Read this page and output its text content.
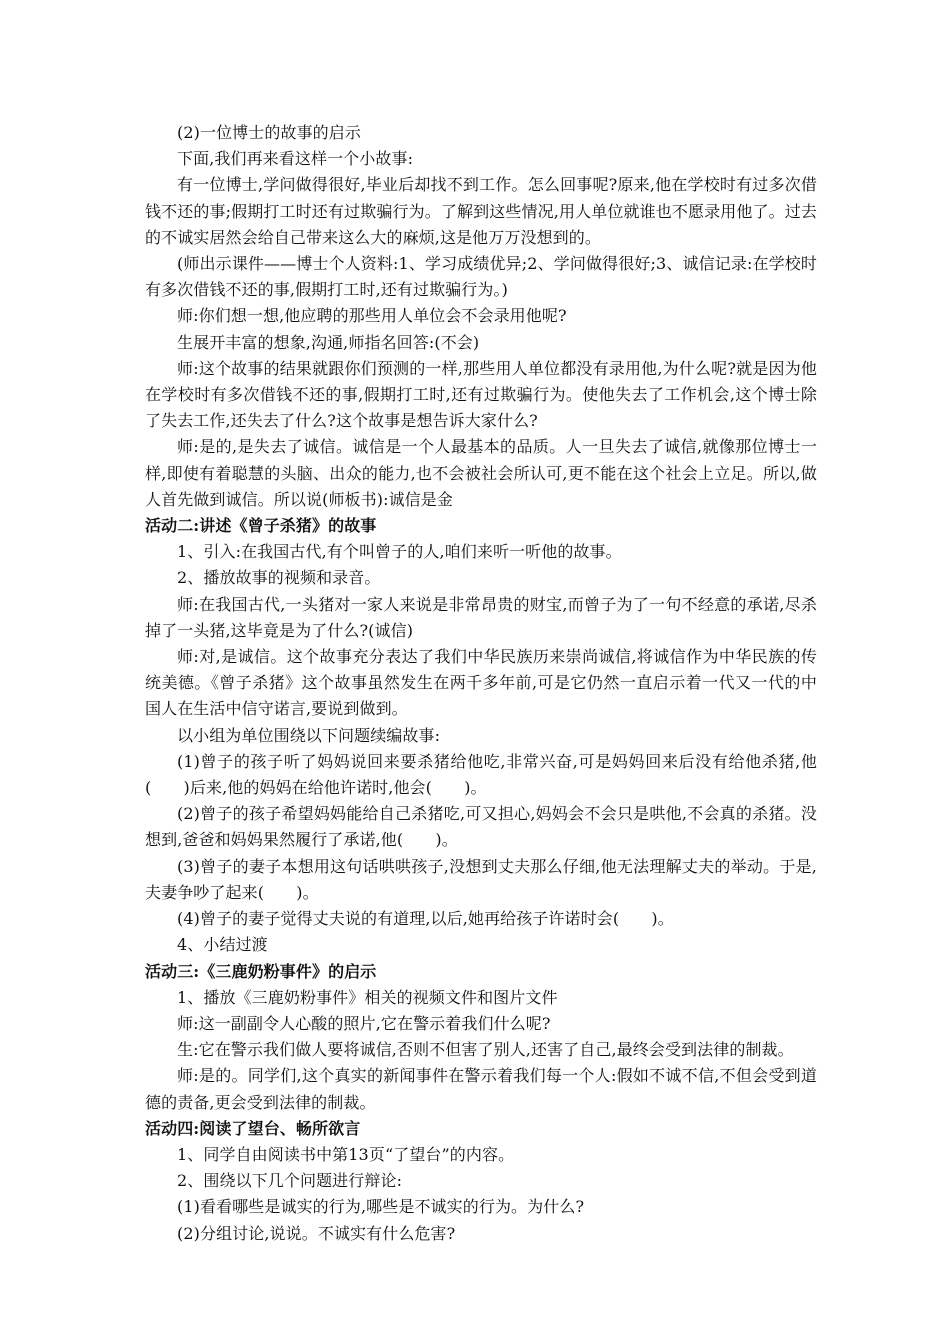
(2)一位博士的故事的启示

下面,我们再来看这样一个小故事:

有一位博士,学问做得很好,毕业后却找不到工作。怎么回事呢?原来,他在学校时有过多次借钱不还的事;假期打工时还有过欺骗行为。了解到这些情况,用人单位就谁也不愿录用他了。过去的不诚实居然会给自己带来这么大的麻烦,这是他万万没想到的。

(师出示课件——博士个人资料:1、学习成绩优异;2、学问做得很好;3、诚信记录:在学校时有多次借钱不还的事,假期打工时,还有过欺骗行为。)

师:你们想一想,他应聘的那些用人单位会不会录用他呢?

生展开丰富的想象,沟通,师指名回答:(不会)

师:这个故事的结果就跟你们预测的一样,那些用人单位都没有录用他,为什么呢?就是因为他在学校时有多次借钱不还的事,假期打工时,还有过欺骗行为。使他失去了工作机会,这个博士除了失去工作,还失去了什么?这个故事是想告诉大家什么?

师:是的,是失去了诚信。诚信是一个人最基本的品质。人一旦失去了诚信,就像那位博士一样,即使有着聪慧的头脑、出众的能力,也不会被社会所认可,更不能在这个社会上立足。所以,做人首先做到诚信。所以说(师板书):诚信是金

活动二:讲述《曾子杀猪》的故事

1、引入:在我国古代,有个叫曾子的人,咱们来听一听他的故事。

2、播放故事的视频和录音。

师:在我国古代,一头猪对一家人来说是非常昂贵的财宝,而曾子为了一句不经意的承诺,尽杀掉了一头猪,这毕竟是为了什么?(诚信)

师:对,是诚信。这个故事充分表达了我们中华民族历来崇尚诚信,将诚信作为中华民族的传统美德。《曾子杀猪》这个故事虽然发生在两千多年前,可是它仍然一直启示着一代又一代的中国人在生活中信守诺言,要说到做到。

以小组为单位围绕以下问题续编故事:

(1)曾子的孩子听了妈妈说回来要杀猪给他吃,非常兴奋,可是妈妈回来后没有给他杀猪,他(　　)后来,他的妈妈在给他许诺时,他会(　　)。

(2)曾子的孩子希望妈妈能给自己杀猪吃,可又担心,妈妈会不会只是哄他,不会真的杀猪。没想到,爸爸和妈妈果然履行了承诺,他(　　)。

(3)曾子的妻子本想用这句话哄哄孩子,没想到丈夫那么仔细,他无法理解丈夫的举动。于是,夫妻争吵了起来(　　)。

(4)曾子的妻子觉得丈夫说的有道理,以后,她再给孩子许诺时会(　　)。

4、小结过渡

活动三:《三鹿奶粉事件》的启示

1、播放《三鹿奶粉事件》相关的视频文件和图片文件

师:这一副副令人心酸的照片,它在警示着我们什么呢?

生:它在警示我们做人要将诚信,否则不但害了别人,还害了自己,最终会受到法律的制裁。

师:是的。同学们,这个真实的新闻事件在警示着我们每一个人:假如不诚不信,不但会受到道德的责备,更会受到法律的制裁。

活动四:阅读了望台、畅所欲言

1、同学自由阅读书中第13页“了望台”的内容。

2、围绕以下几个问题进行辩论:

(1)看看哪些是诚实的行为,哪些是不诚实的行为。为什么?

(2)分组讨论,说说。不诚实有什么危害?
